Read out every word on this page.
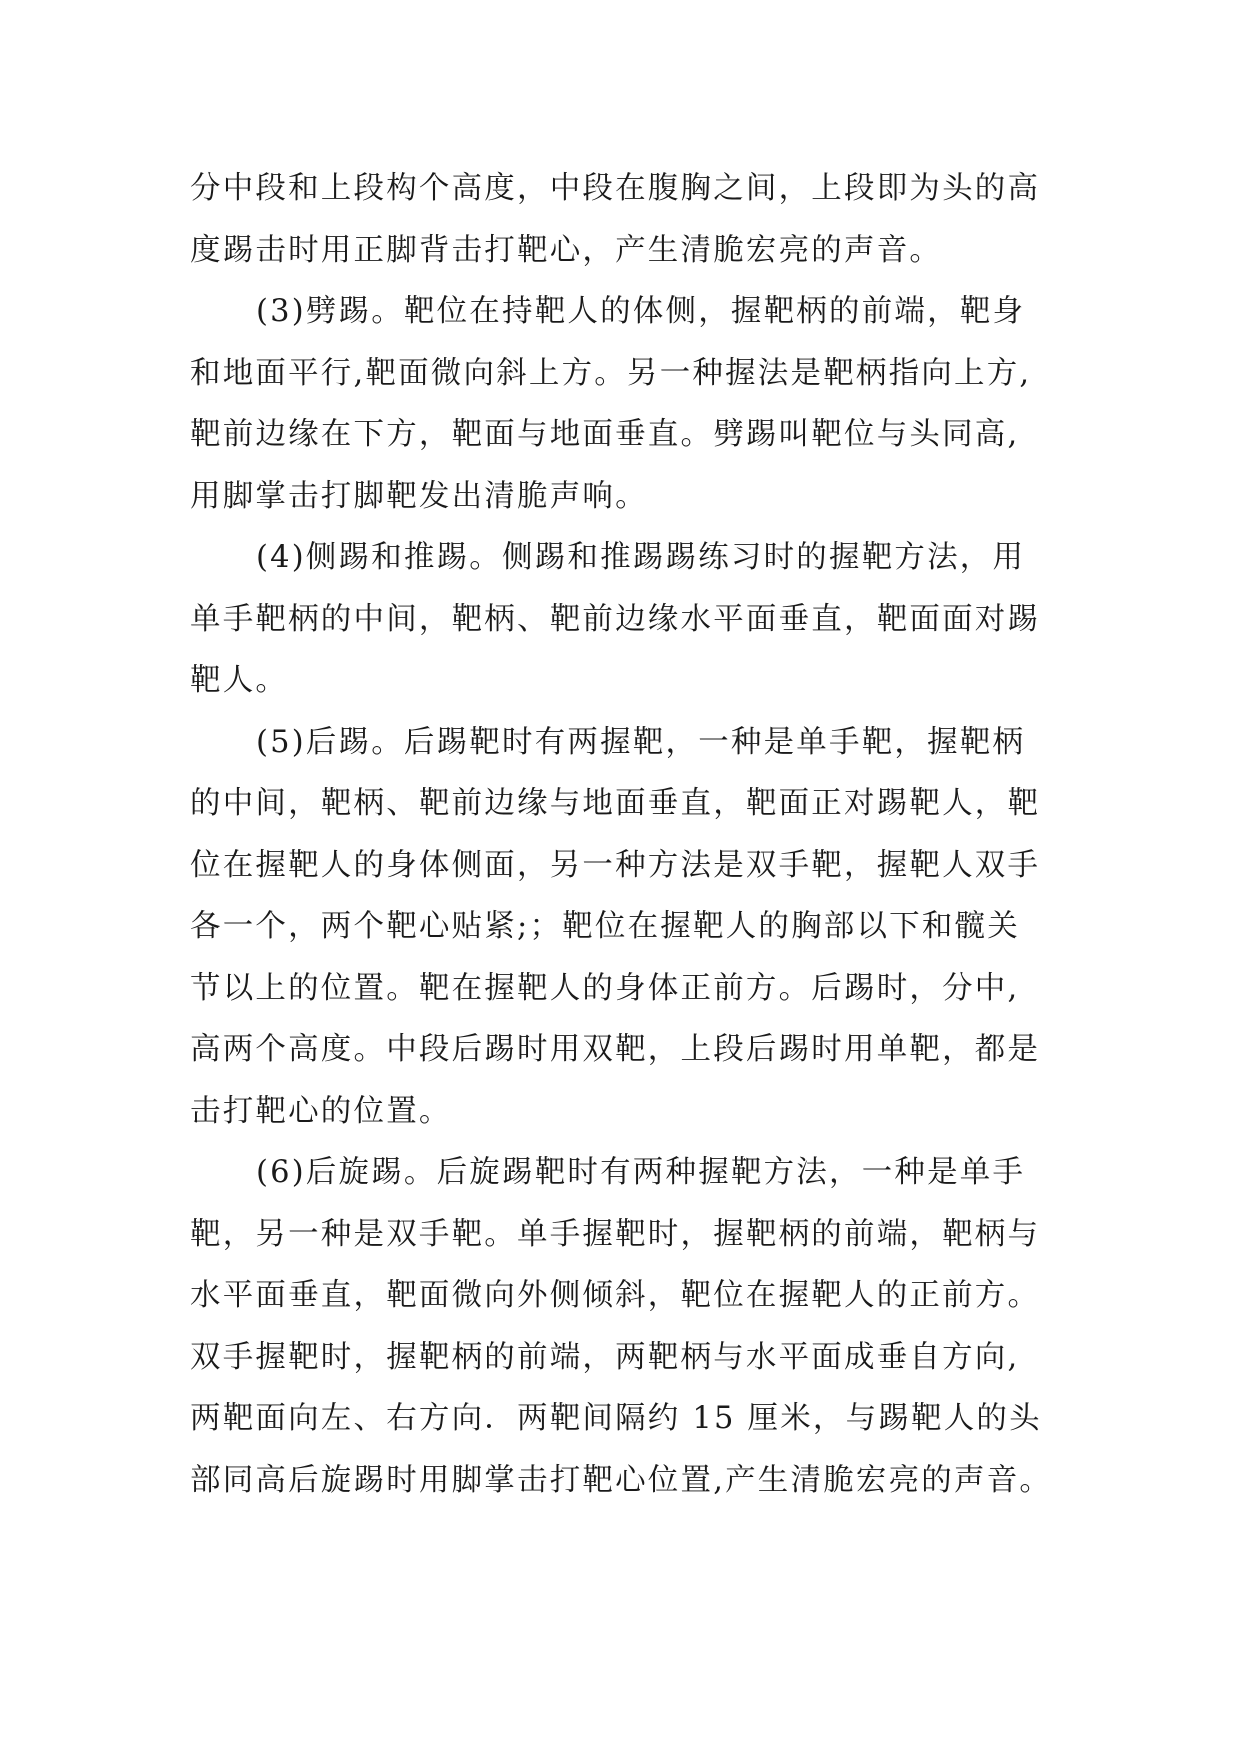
分中段和上段构个高度，中段在腹胸之间，上段即为头的高
度踢击时用正脚背击打靶心，产生清脆宏亮的声音。
(3)劈踢。靶位在持靶人的体侧，握靶柄的前端，靶身
和地面平行,靶面微向斜上方。另一种握法是靶柄指向上方,
靶前边缘在下方，靶面与地面垂直。劈踢叫靶位与头同高,
用脚掌击打脚靶发出清脆声响。
(4)侧踢和推踢。侧踢和推踢踢练习时的握靶方法，用
单手靶柄的中间，靶柄、靶前边缘水平面垂直，靶面面对踢
靶人。
(5)后踢。后踢靶时有两握靶，一种是单手靶，握靶柄
的中间，靶柄、靶前边缘与地面垂直，靶面正对踢靶人，靶
位在握靶人的身体侧面，另一种方法是双手靶，握靶人双手
各一个，两个靶心贴紧;；靶位在握靶人的胸部以下和髋关
节以上的位置。靶在握靶人的身体正前方。后踢时，分中,
高两个高度。中段后踢时用双靶，上段后踢时用单靶，都是
击打靶心的位置。
(6)后旋踢。后旋踢靶时有两种握靶方法，一种是单手
靶，另一种是双手靶。单手握靶时，握靶柄的前端，靶柄与
水平面垂直，靶面微向外侧倾斜，靶位在握靶人的正前方。
双手握靶时，握靶柄的前端，两靶柄与水平面成垂自方向,
两靶面向左、右方向．两靶间隔约 15 厘米，与踢靶人的头
部同高后旋踢时用脚掌击打靶心位置,产生清脆宏亮的声音。
